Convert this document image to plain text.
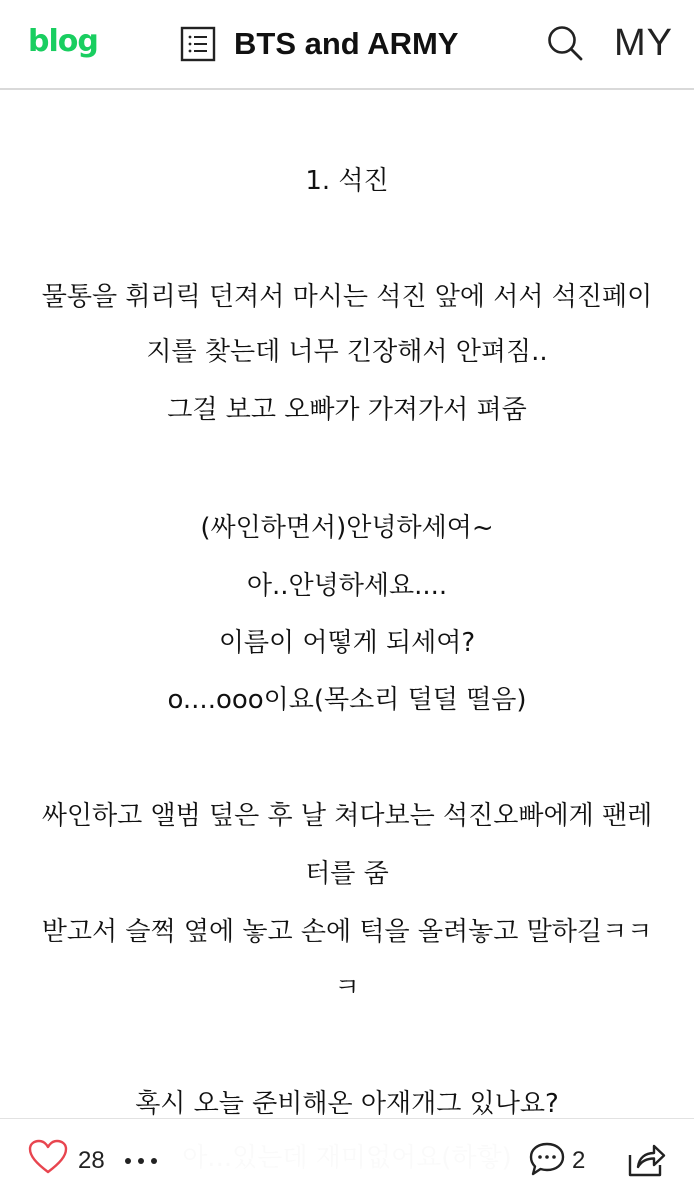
blog	BTS and ARMY	MY
1. 석진
물통을 휘리릭 던져서 마시는 석진 앞에 서서 석진페이
지를 찾는데 너무 긴장해서 안펴짐..
그걸 보고 오빠가 가져가서 펴줌
(싸인하면서)안녕하세여~
아..안녕하세요....
이름이 어떻게 되세여?
o....ooo이요(목소리 덜덜 떨음)
싸인하고 앨범 덮은 후 날 쳐다보는 석진오빠에게 팬레
터를 줌
받고서 슬쩍 옆에 놓고 손에 턱을 올려놓고 말하길ㅋㅋ
ㅋ
혹시 오늘 준비해온 아재개그 있나요?
28	2
